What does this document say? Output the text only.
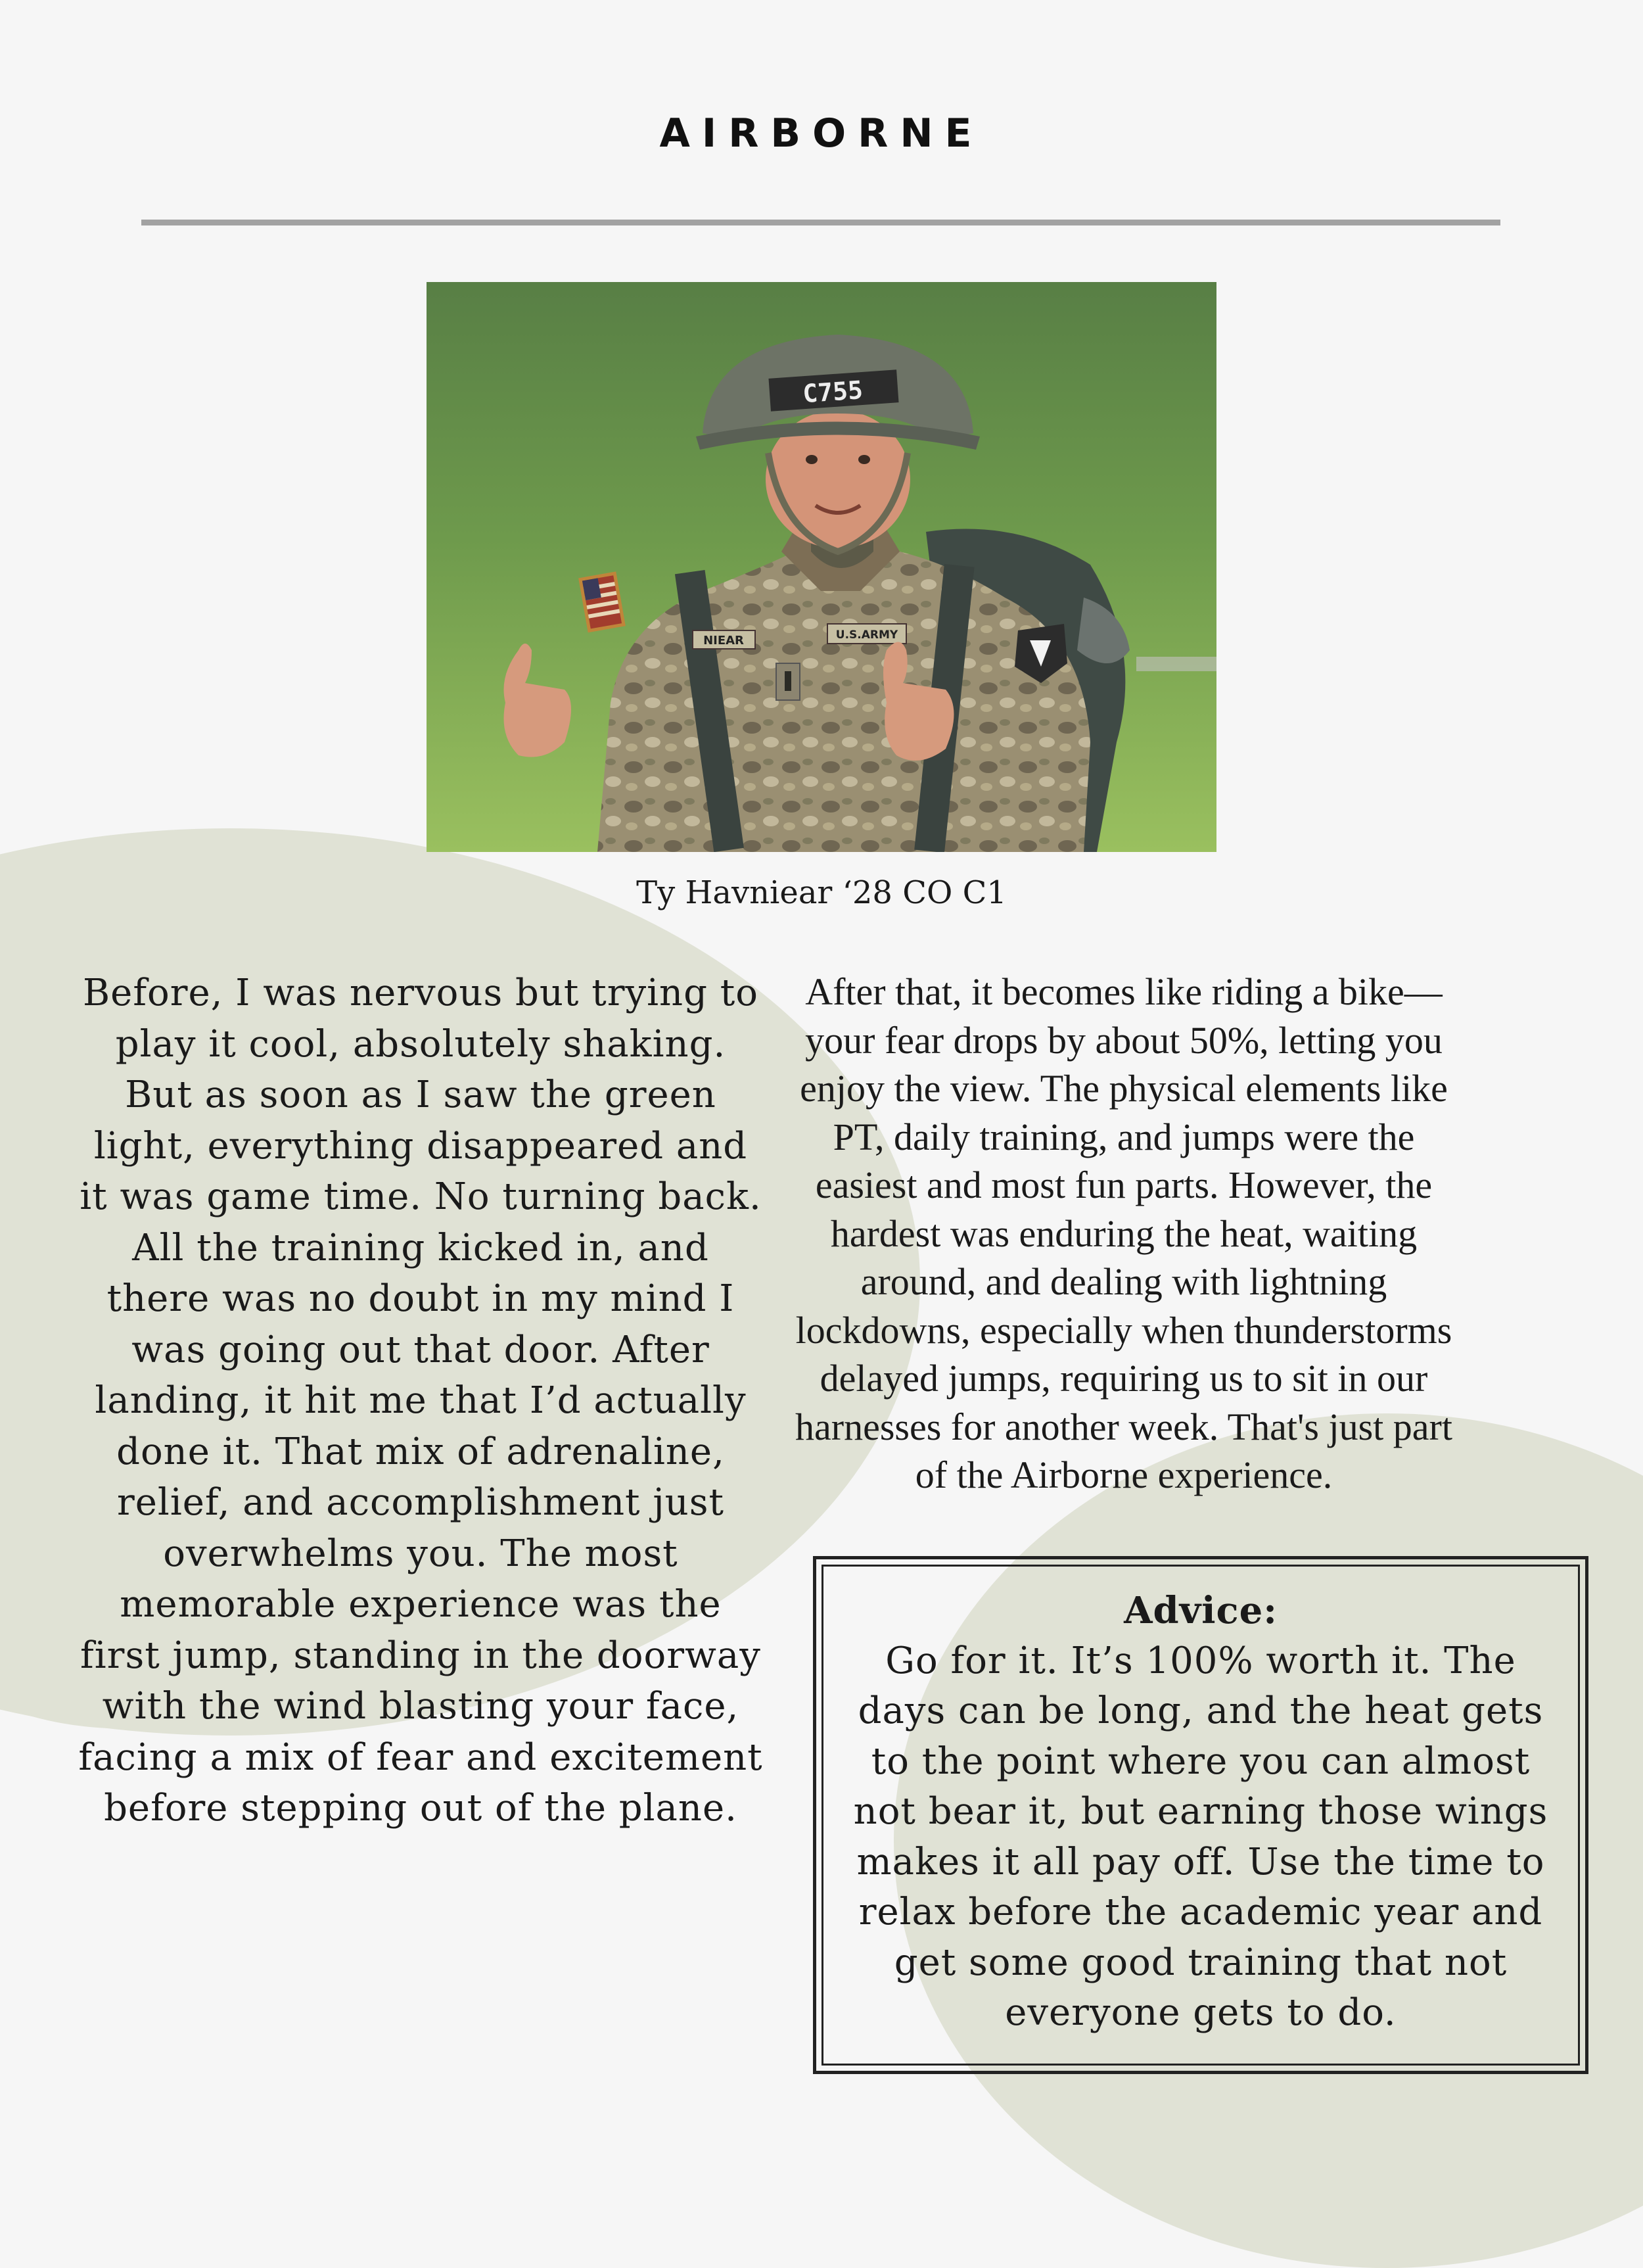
AIRBORNE
NIEAR	U.S.ARMY
C755
Ty Havniear ‘28 CO C1
Before, I was nervous but trying to play it cool, absolutely shaking. But as soon as I saw the green light, everything disappeared and it was game time. No turning back. All the training kicked in, and there was no doubt in my mind I was going out that door. After landing, it hit me that I’d actually done it. That mix of adrenaline, relief, and accomplishment just overwhelms you. The most memorable experience was the first jump, standing in the doorway with the wind blasting your face, facing a mix of fear and excitement before stepping out of the plane.
After that, it becomes like riding a bike—your fear drops by about 50%, letting you enjoy the view. The physical elements like PT, daily training, and jumps were the easiest and most fun parts. However, the hardest was enduring the heat, waiting around, and dealing with lightning lockdowns, especially when thunderstorms delayed jumps, requiring us to sit in our harnesses for another week. That's just part of the Airborne experience.
Advice:
Go for it. It’s 100% worth it. The days can be long, and the heat gets to the point where you can almost not bear it, but earning those wings makes it all pay off. Use the time to relax before the academic year and get some good training that not everyone gets to do.
